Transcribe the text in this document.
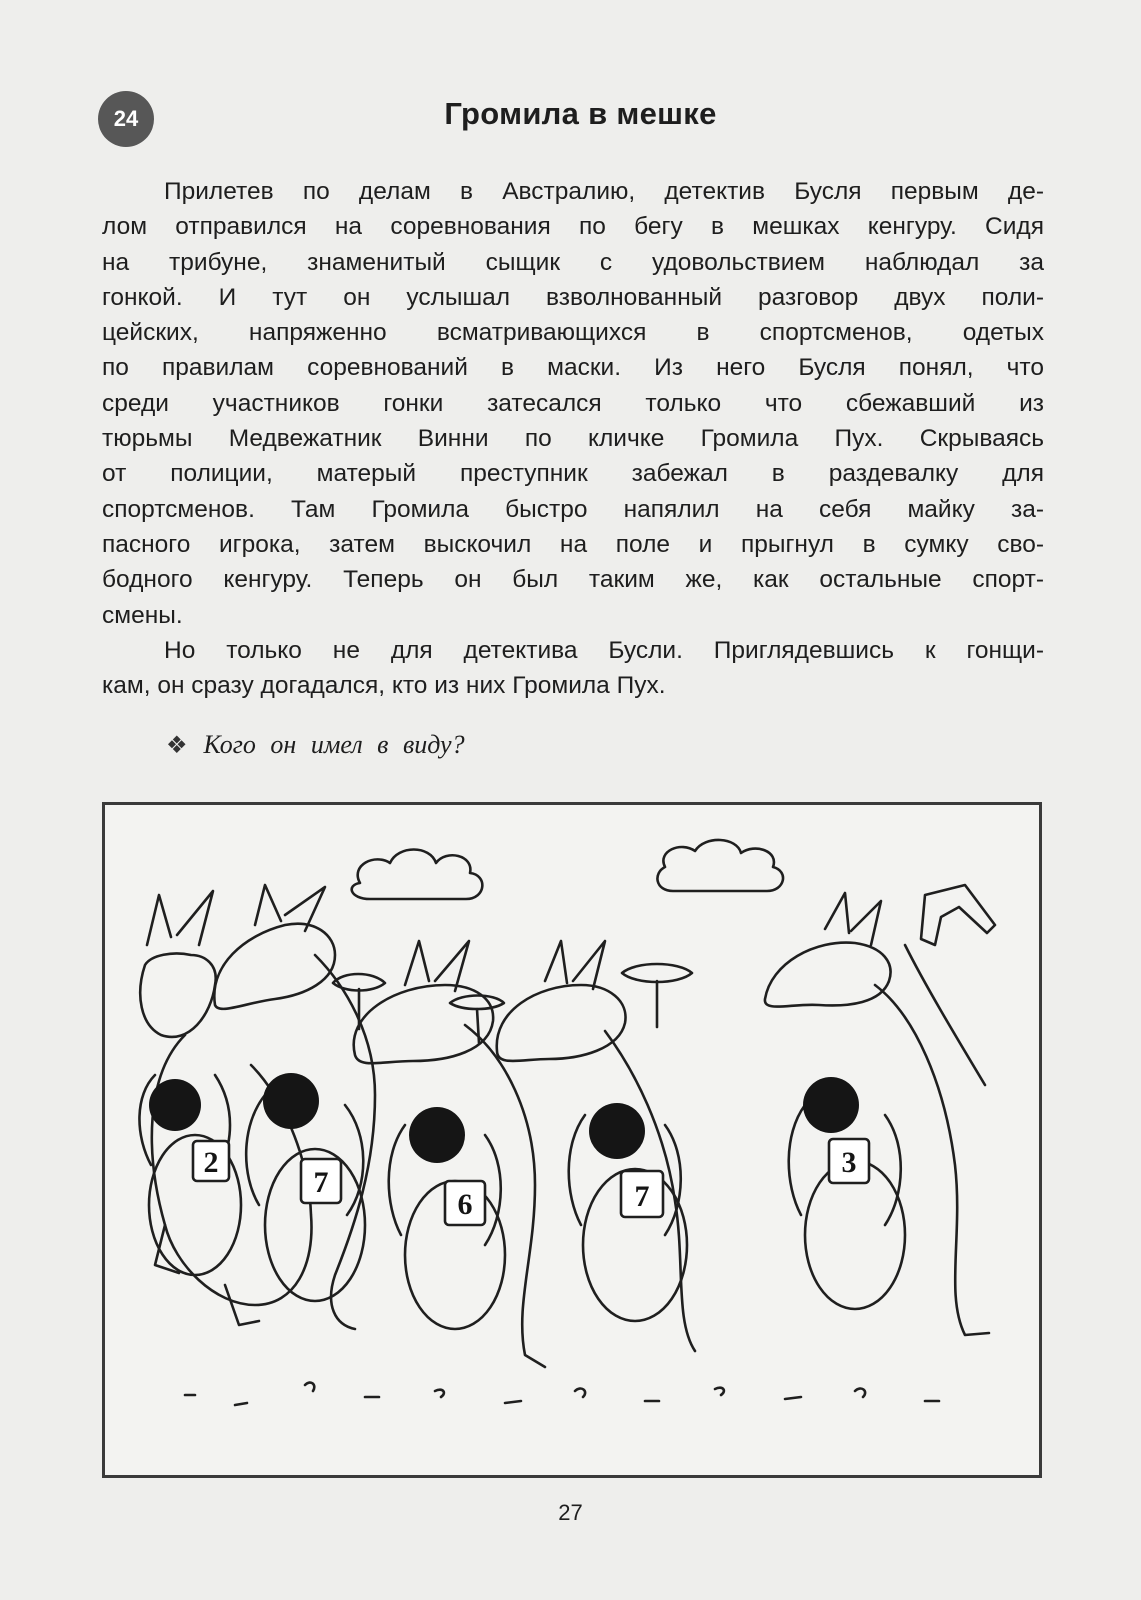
24	Громила в мешке
Прилетев по делам в Австралию, детектив Бусля первым де-
лом отправился на соревнования по бегу в мешках кенгуру. Сидя
на трибуне, знаменитый сыщик с удовольствием наблюдал за
гонкой. И тут он услышал взволнованный разговор двух поли-
цейских, напряженно всматривающихся в спортсменов, одетых
по правилам соревнований в маски. Из него Бусля понял, что
среди участников гонки затесался только что сбежавший из
тюрьмы Медвежатник Винни по кличке Громила Пух. Скрываясь
от полиции, матерый преступник забежал в раздевалку для
спортсменов. Там Громила быстро напялил на себя майку за-
пасного игрока, затем выскочил на поле и прыгнул в сумку сво-
бодного кенгуру. Теперь он был таким же, как остальные спорт-
смены.
Но только не для детектива Бусли. Приглядевшись к гонщи-
кам, он сразу догадался, кто из них Громила Пух.
❖ Кого он имел в виду?
2
7
6	7
3
27
